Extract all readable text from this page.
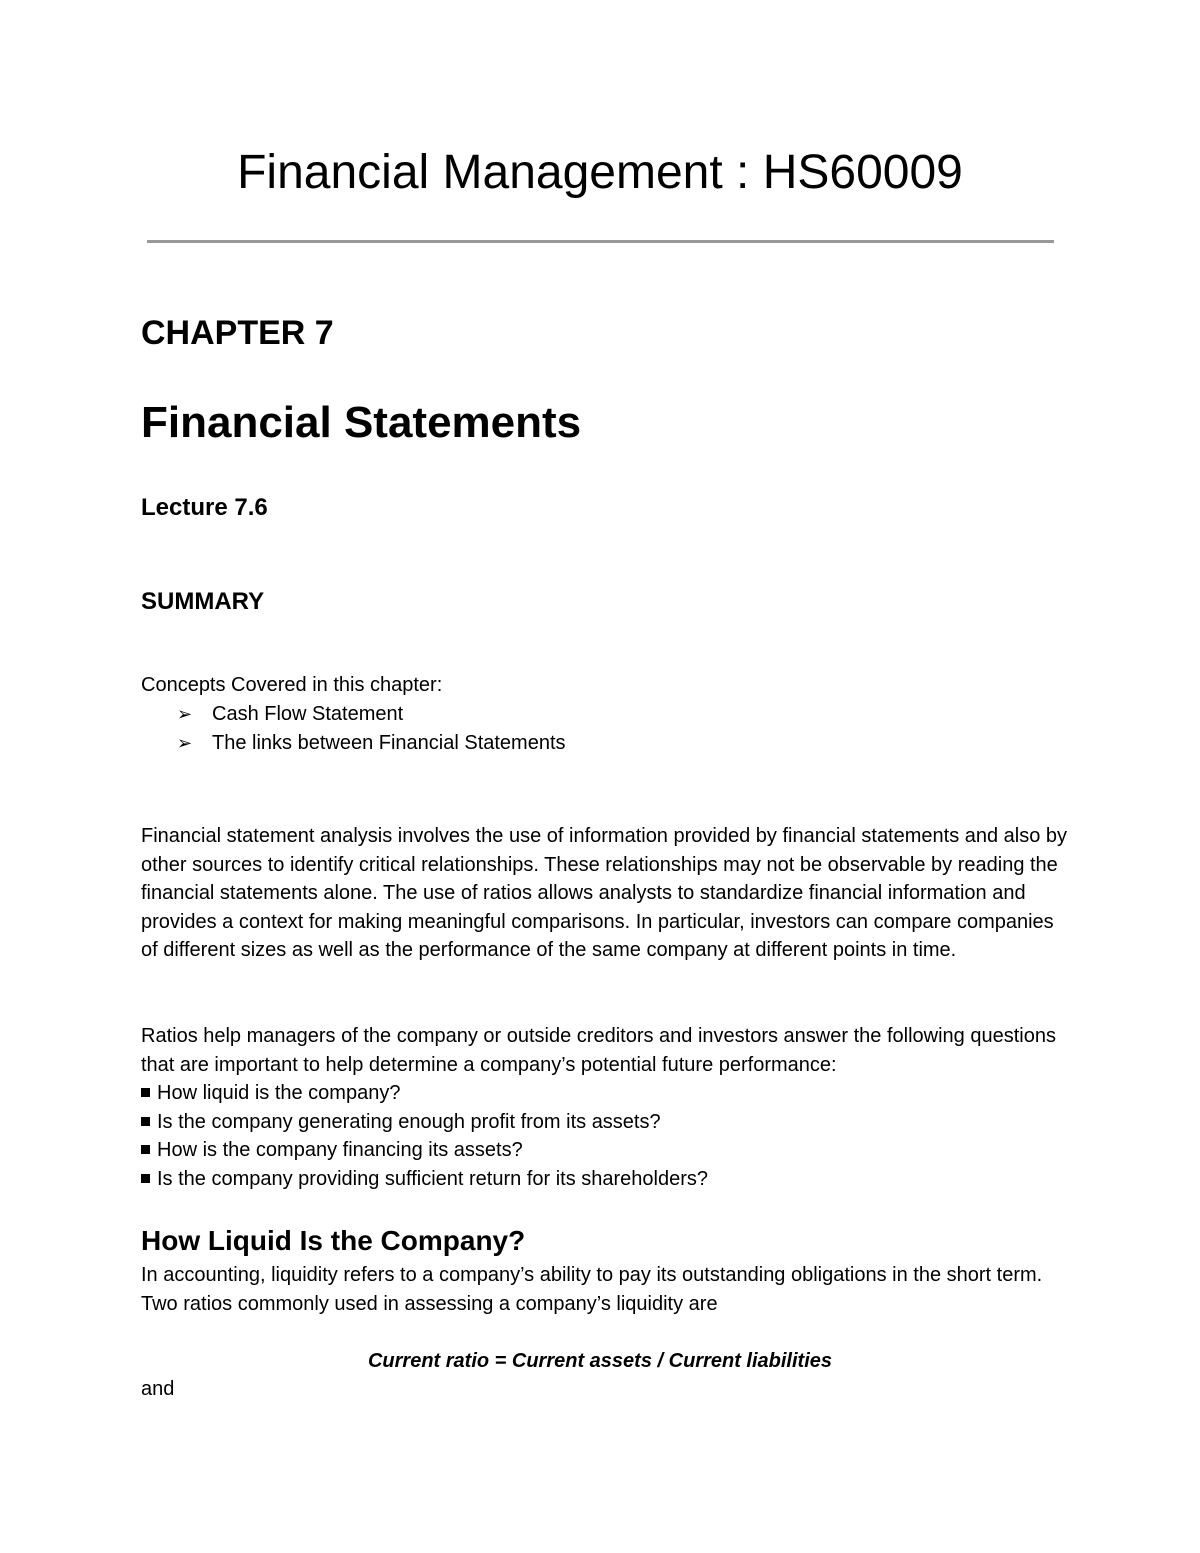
Financial Management : HS60009
CHAPTER 7
Financial Statements
Lecture 7.6
SUMMARY
Concepts Covered in this chapter:
➢ Cash Flow Statement
➢ The links between Financial Statements

Financial statement analysis involves the use of information provided by financial statements and also by other sources to identify critical relationships. These relationships may not be observable by reading the financial statements alone. The use of ratios allows analysts to standardize financial information and provides a context for making meaningful comparisons. In particular, investors can compare companies of different sizes as well as the performance of the same company at different points in time.

Ratios help managers of the company or outside creditors and investors answer the following questions that are important to help determine a company’s potential future performance:

How liquid is the company?
Is the company generating enough profit from its assets?
How is the company financing its assets?
Is the company providing sufficient return for its shareholders?
How Liquid Is the Company?

In accounting, liquidity refers to a company’s ability to pay its outstanding obligations in the short term. Two ratios commonly used in assessing a company’s liquidity are

Current ratio = Current assets / Current liabilities

and
